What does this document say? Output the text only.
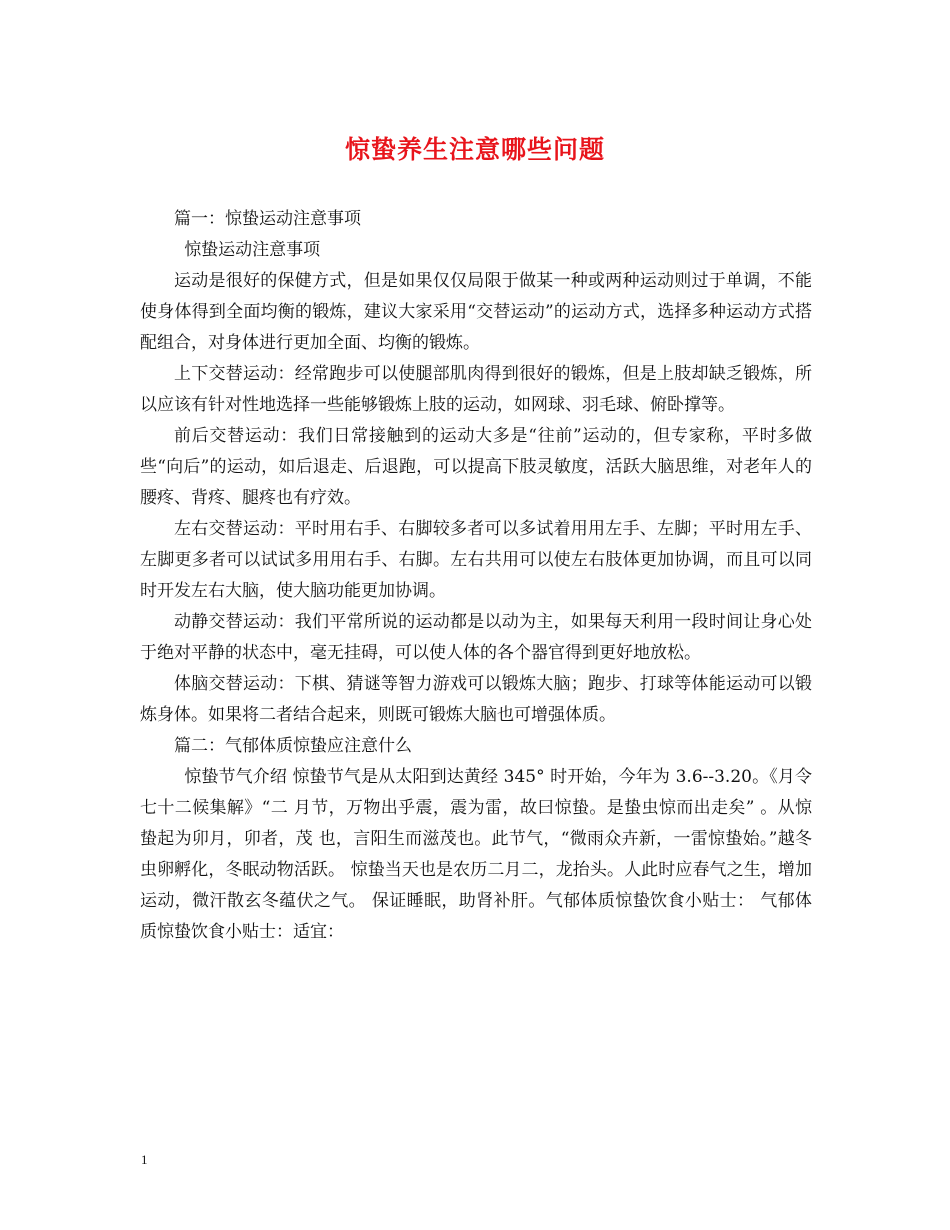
惊蛰养生注意哪些问题

篇一：惊蛰运动注意事项

惊蛰运动注意事项

运动是很好的保健方式，但是如果仅仅局限于做某一种或两种运动则过于单调，不能使身体得到全面均衡的锻炼，建议大家采用“交替运动”的运动方式，选择多种运动方式搭配组合，对身体进行更加全面、均衡的锻炼。

上下交替运动：经常跑步可以使腿部肌肉得到很好的锻炼，但是上肢却缺乏锻炼，所以应该有针对性地选择一些能够锻炼上肢的运动，如网球、羽毛球、俯卧撑等。

前后交替运动：我们日常接触到的运动大多是“往前”运动的，但专家称，平时多做些“向后”的运动，如后退走、后退跑，可以提高下肢灵敏度，活跃大脑思维，对老年人的腰疼、背疼、腿疼也有疗效。

左右交替运动：平时用右手、右脚较多者可以多试着用用左手、左脚；平时用左手、左脚更多者可以试试多用用右手、右脚。左右共用可以使左右肢体更加协调，而且可以同时开发左右大脑，使大脑功能更加协调。

动静交替运动：我们平常所说的运动都是以动为主，如果每天利用一段时间让身心处于绝对平静的状态中，毫无挂碍，可以使人体的各个器官得到更好地放松。

体脑交替运动：下棋、猜谜等智力游戏可以锻炼大脑；跑步、打球等体能运动可以锻炼身体。如果将二者结合起来，则既可锻炼大脑也可增强体质。

篇二：气郁体质惊蛰应注意什么

惊蛰节气介绍 惊蛰节气是从太阳到达黄经 345° 时开始，今年为 3.6--3.20。《月令七十二候集解》“二 月节，万物出乎震，震为雷，故曰惊蛰。是蛰虫惊而出走矣” 。从惊蛰起为卯月，卯者，茂 也，言阳生而滋茂也。此节气，“微雨众卉新，一雷惊蛰始。”越冬虫卵孵化，冬眠动物活跃。 惊蛰当天也是农历二月二，龙抬头。人此时应春气之生，增加运动，微汗散玄冬蕴伏之气。 保证睡眠，助肾补肝。气郁体质惊蛰饮食小贴士： 气郁体质惊蛰饮食小贴士：适宜：

1
